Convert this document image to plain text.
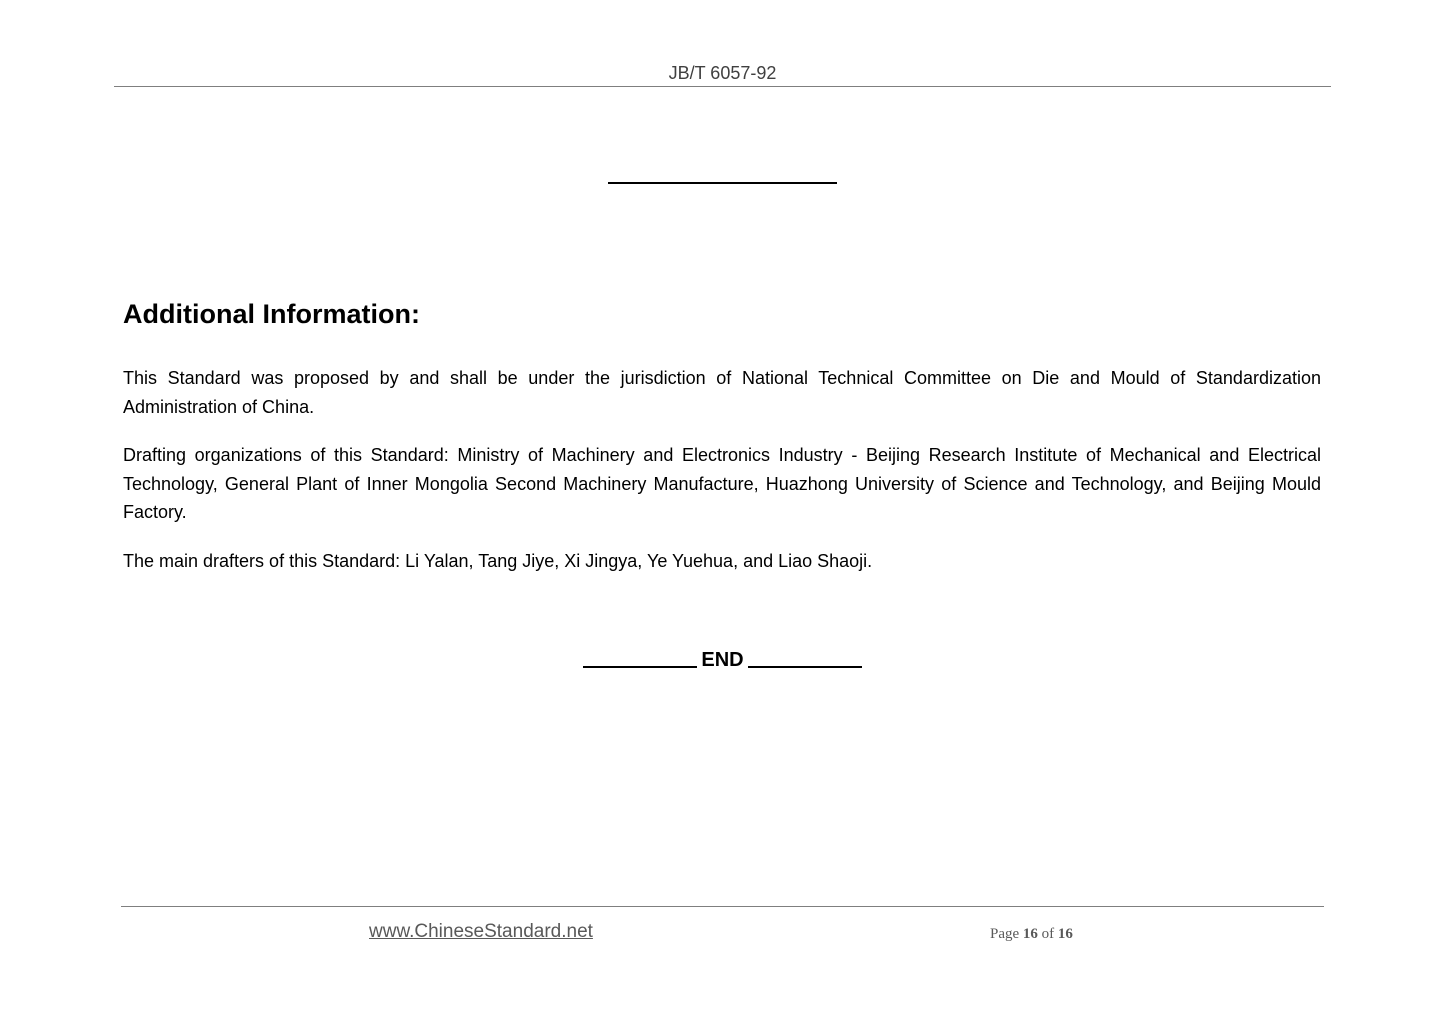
JB/T 6057-92
Additional Information:

This Standard was proposed by and shall be under the jurisdiction of National Technical Committee on Die and Mould of Standardization Administration of China.

Drafting organizations of this Standard: Ministry of Machinery and Electronics Industry - Beijing Research Institute of Mechanical and Electrical Technology, General Plant of Inner Mongolia Second Machinery Manufacture, Huazhong University of Science and Technology, and Beijing Mould Factory.

The main drafters of this Standard: Li Yalan, Tang Jiye, Xi Jingya, Ye Yuehua, and Liao Shaoji.

END
www.ChineseStandard.net	Page 16 of 16
